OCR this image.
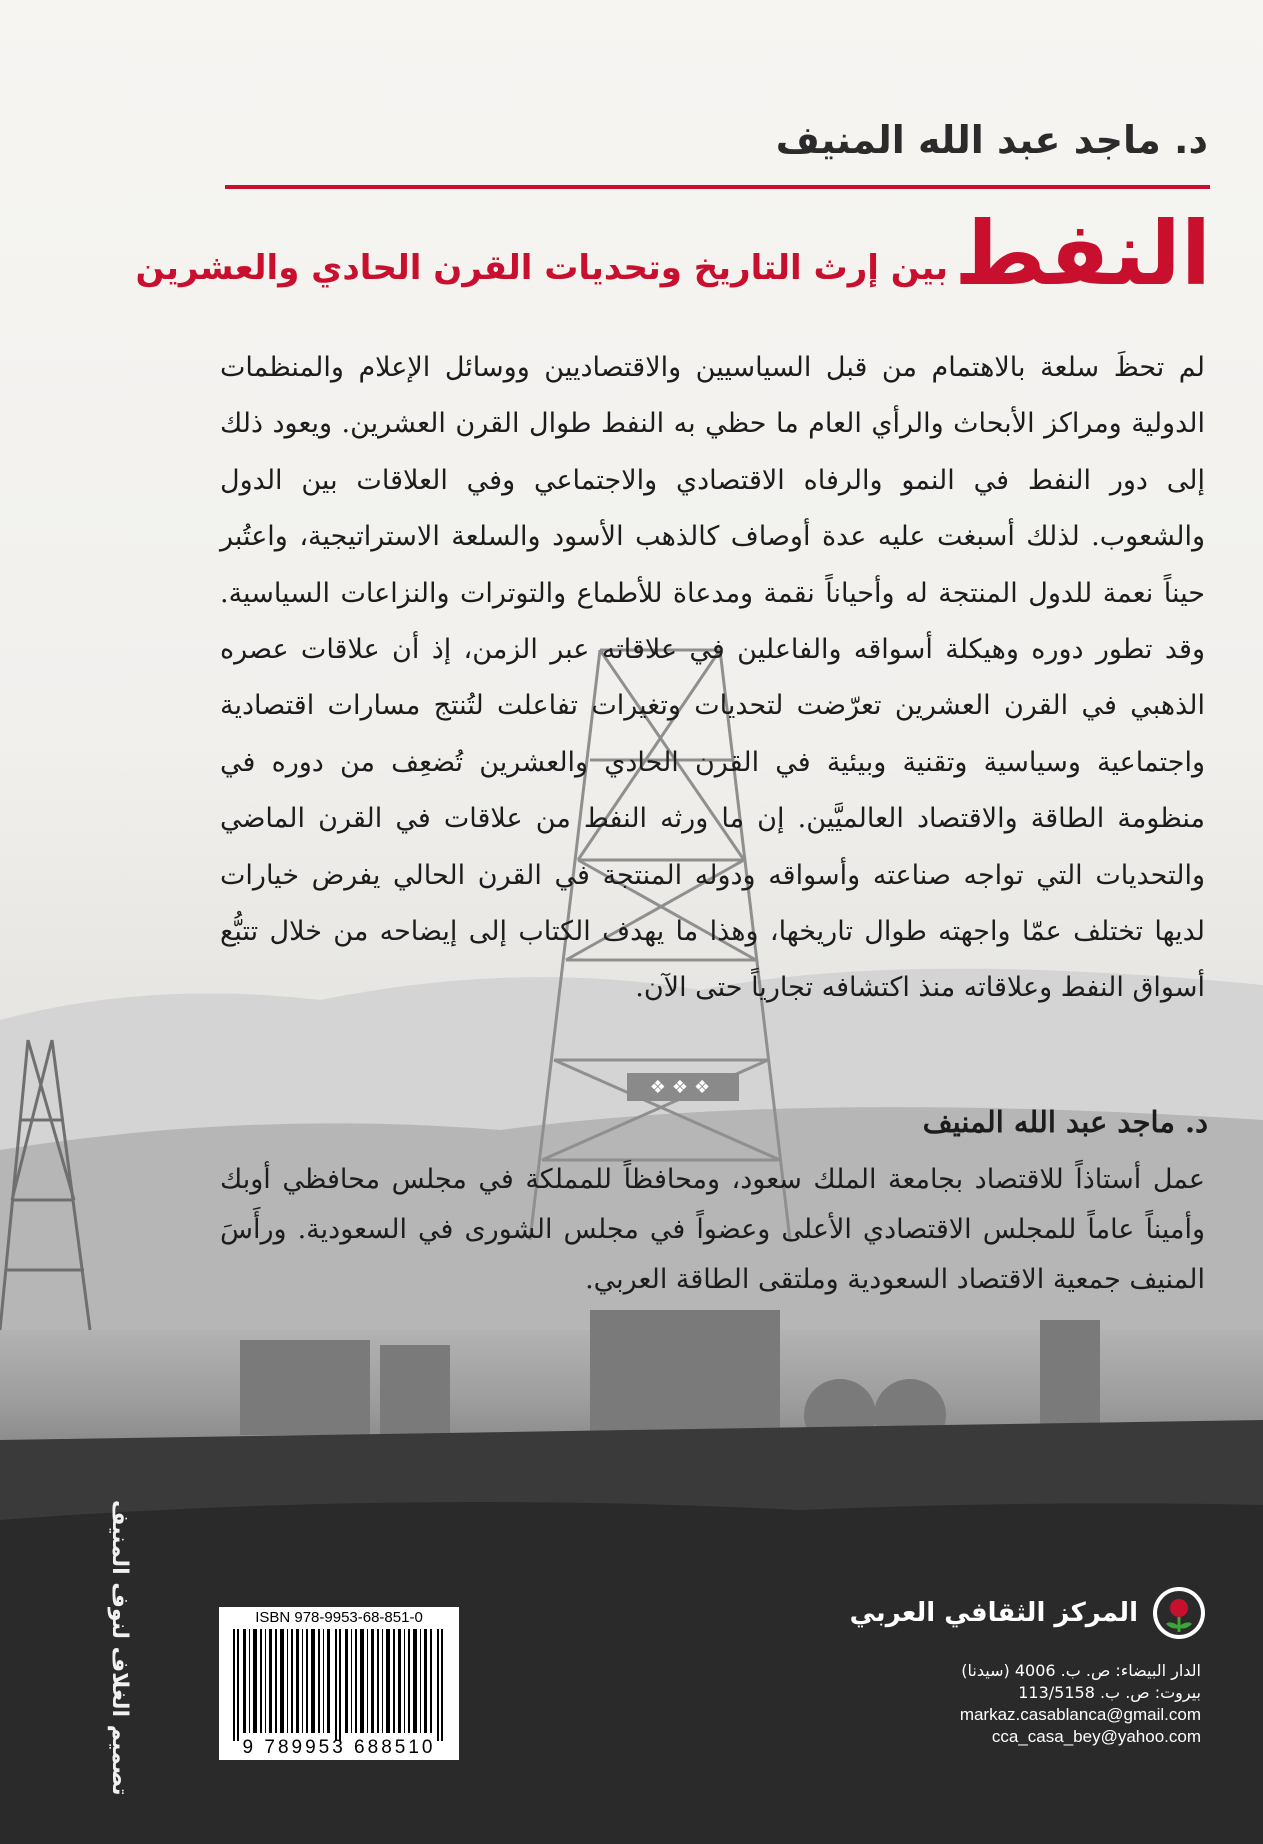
د. ماجد عبد الله المنيف
النفط
بين إرث التاريخ وتحديات القرن الحادي والعشرين
لم تحظَ سلعة بالاهتمام من قبل السياسيين والاقتصاديين ووسائل الإعلام والمنظمات الدولية ومراكز الأبحاث والرأي العام ما حظي به النفط طوال القرن العشرين. ويعود ذلك إلى دور النفط في النمو والرفاه الاقتصادي والاجتماعي وفي العلاقات بين الدول والشعوب. لذلك أسبغت عليه عدة أوصاف كالذهب الأسود والسلعة الاستراتيجية، واعتُبر حيناً نعمة للدول المنتجة له وأحياناً نقمة ومدعاة للأطماع والتوترات والنزاعات السياسية. وقد تطور دوره وهيكلة أسواقه والفاعلين في علاقاته عبر الزمن، إذ أن علاقات عصره الذهبي في القرن العشرين تعرّضت لتحديات وتغيرات تفاعلت لتُنتج مسارات اقتصادية واجتماعية وسياسية وتقنية وبيئية في القرن الحادي والعشرين تُضعِف من دوره في منظومة الطاقة والاقتصاد العالميَّين. إن ما ورثه النفط من علاقات في القرن الماضي والتحديات التي تواجه صناعته وأسواقه ودوله المنتجة في القرن الحالي يفرض خيارات لديها تختلف عمّا واجهته طوال تاريخها، وهذا ما يهدف الكتاب إلى إيضاحه من خلال تتبُّع أسواق النفط وعلاقاته منذ اكتشافه تجارياً حتى الآن.
❖❖❖
د. ماجد عبد الله المنيف
عمل أستاذاً للاقتصاد بجامعة الملك سعود، ومحافظاً للمملكة في مجلس محافظي أوبك وأميناً عاماً للمجلس الاقتصادي الأعلى وعضواً في مجلس الشورى في السعودية. ورأَسَ المنيف جمعية الاقتصاد السعودية وملتقى الطاقة العربي.
تصميم الغلاف لنوف المنيف	ISBN 978-9953-68-851-0
9 789953 688510
المركز الثقافي العربي
الدار البيضاء: ص. ب. 4006 (سيدنا)
بيروت: ص. ب. 113/5158
markaz.casablanca@gmail.com
cca_casa_bey@yahoo.com
